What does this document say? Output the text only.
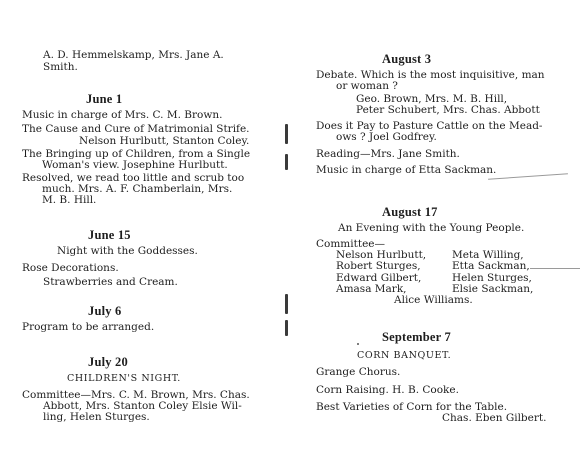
A. D. Hemmelskamp, Mrs. Jane A.
Smith.
June 1
Music in charge of Mrs. C. M. Brown.
The Cause and Cure of Matrimonial Strife.
Nelson Hurlbutt, Stanton Coley.
The Bringing up of Children, from a Single
Woman's view. Josephine Hurlbutt.
Resolved, we read too little and scrub too
much. Mrs. A. F. Chamberlain, Mrs.
M. B. Hill.
June 15
Night with the Goddesses.
Rose Decorations.
Strawberries and Cream.
July 6
Program to be arranged.
July 20
CHILDREN'S NIGHT.
Committee—Mrs. C. M. Brown, Mrs. Chas.
Abbott, Mrs. Stanton Coley Elsie Wil-
ling, Helen Sturges.
August 3
Debate. Which is the most inquisitive, man
or woman ?
Geo. Brown, Mrs. M. B. Hill,
Peter Schubert, Mrs. Chas. Abbott
Does it Pay to Pasture Cattle on the Mead-
ows ? Joel Godfrey.
Reading—Mrs. Jane Smith.
Music in charge of Etta Sackman.
August 17
An Evening with the Young People.
Committee—
Nelson Hurlbutt, Meta Willing,
Robert Sturges,	Etta Sackman,
Edward Gilbert,	Helen Sturges,
Amasa Mark,	Elsie Sackman,
Alice Williams.
September 7
CORN BANQUET.
Grange Chorus.
Corn Raising. H. B. Cooke.
Best Varieties of Corn for the Table.
Chas. Eben Gilbert.
